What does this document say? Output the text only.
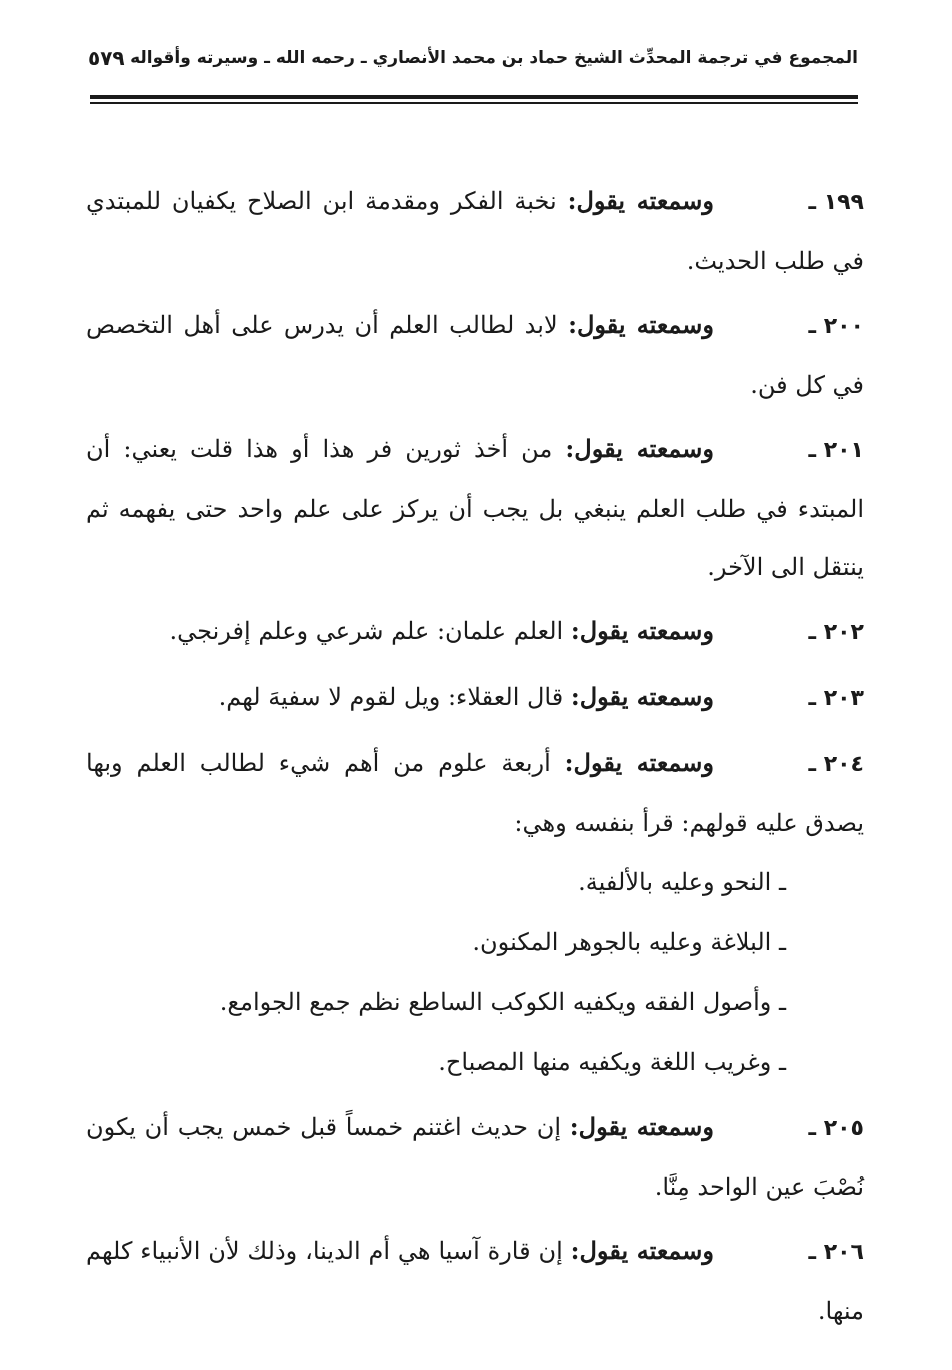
المجموع في ترجمة المحدِّث الشيخ حماد بن محمد الأنصاري ـ رحمه الله ـ وسيرته وأقواله
٥٧٩

١٩٩ ـوسمعته يقول: نخبة الفكر ومقدمة ابن الصلاح يكفيان للمبتدي في طلب الحديث.

٢٠٠ ـوسمعته يقول: لابد لطالب العلم أن يدرس على أهل التخصص في كل فن.

٢٠١ ـوسمعته يقول: من أخذ ثورين فر هذا أو هذا قلت يعني: أن المبتدء في طلب العلم ينبغي بل يجب أن يركز على علم واحد حتى يفهمه ثم ينتقل الى الآخر.

٢٠٢ ـوسمعته يقول: العلم علمان: علم شرعي وعلم إفرنجي.

٢٠٣ ـوسمعته يقول: قال العقلاء: ويل لقوم لا سفيهَ لهم.

٢٠٤ ـوسمعته يقول: أربعة علوم من أهم شيء لطالب العلم وبها يصدق عليه قولهم: قرأ بنفسه وهي:

ـ النحو وعليه بالألفية.
ـ البلاغة وعليه بالجوهر المكنون.
ـ وأصول الفقه ويكفيه الكوكب الساطع نظم جمع الجوامع.
ـ وغريب اللغة ويكفيه منها المصباح.

٢٠٥ ـوسمعته يقول: إن حديث اغتنم خمساً قبل خمس يجب أن يكون نُصْبَ عين الواحد مِنَّا.

٢٠٦ ـوسمعته يقول: إن قارة آسيا هي أم الدينا، وذلك لأن الأنبياء كلهم منها.
